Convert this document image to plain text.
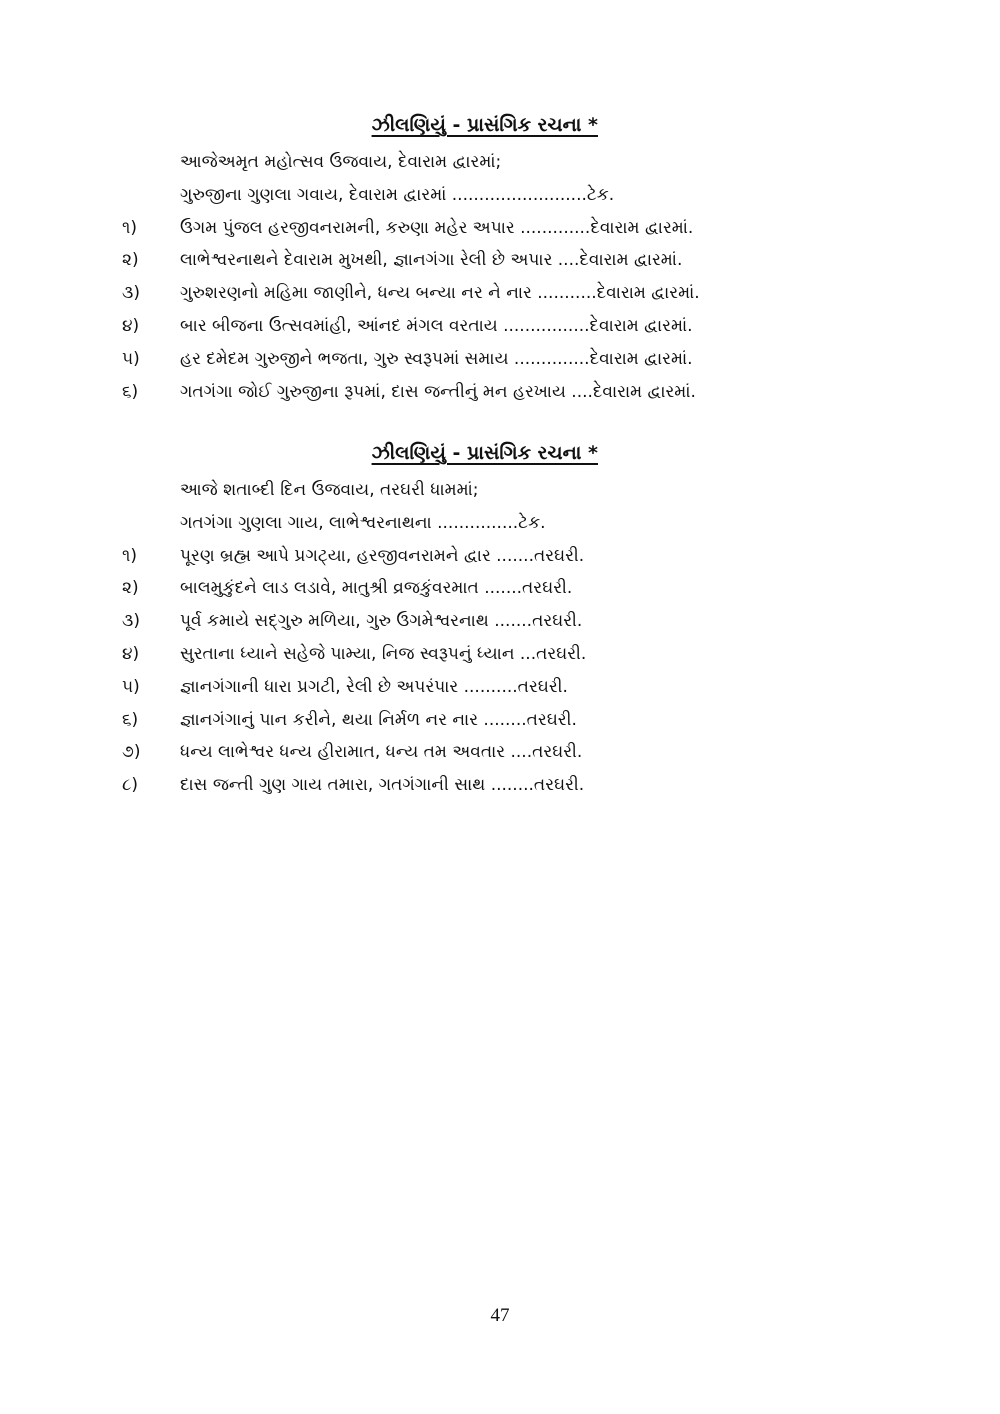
ઝીલણિયું - પ્રાસંગિક રચના *
આજેઅમૃત મહોત્સવ ઉજવાય, દેવારામ દ્વારમાં;
ગુરુજીના ગુણલા ગવાય, દેવારામ દ્વારમાં .........................ટેક.
૧)	ઉગમ પુંજલ હરજીવનરામની, કરુણા મહેર અપાર .............દેવારામ દ્વારમાં.
૨)	લાભેશ્વરનાથને દેવારામ મુખથી, જ્ઞાનગંગા રેલી છે અપાર ....દેવારામ દ્વારમાં.
૩)	ગુરુશરણનો મહિમા જાણીને, ધન્ય બન્યા નર ને નાર ...........દેવારામ દ્વારમાં.
૪)	બાર બીજના ઉત્સવમાંહી, આંનદ મંગલ વરતાય ................દેવારામ દ્વારમાં.
૫)	હર દમેદમ ગુરુજીને ભજતા, ગુરુ સ્વરૂપમાં સમાય ..............દેવારામ દ્વારમાં.
૬)	ગતગંગા જોઈ ગુરુજીના રૂપમાં, દાસ જન્તીનું મન હરખાય ....દેવારામ દ્વારમાં.
ઝીલણિયું - પ્રાસંગિક રચના *
આજે શતાબ્દી દિન ઉજવાય, તરઘરી ધામમાં;
ગતગંગા ગુણલા ગાય, લાભેશ્વરનાથના ...............ટેક.
૧)	પૂરણ બ્રહ્મ આપે પ્રગટ્યા, હરજીવનરામને દ્વાર .......તરઘરી.
૨)	બાલમુકુંદને લાડ લડાવે, માતુશ્રી વ્રજકુંવરમાત .......તરઘરી.
૩)	પૂર્વ કમાયે સદ્ગુરુ મળિયા, ગુરુ ઉગમેશ્વરનાથ .......તરઘરી.
૪)	સુરતાના ધ્યાને સહેજે પામ્યા, નિજ સ્વરૂપનું ધ્યાન ...તરઘરી.
૫)	જ્ઞાનગંગાની ધારા પ્રગટી, રેલી છે અપરંપાર ..........તરઘરી.
૬)	જ્ઞાનગંગાનું પાન કરીને, થયા નિર્મળ નર નાર ........તરઘરી.
૭)	ધન્ય લાભેશ્વર ધન્ય હીરામાત, ધન્ય તમ અવતાર ....તરઘરી.
૮)	દાસ જન્તી ગુણ ગાય તમારા, ગતગંગાની સાથ ........તરઘરી.
47
